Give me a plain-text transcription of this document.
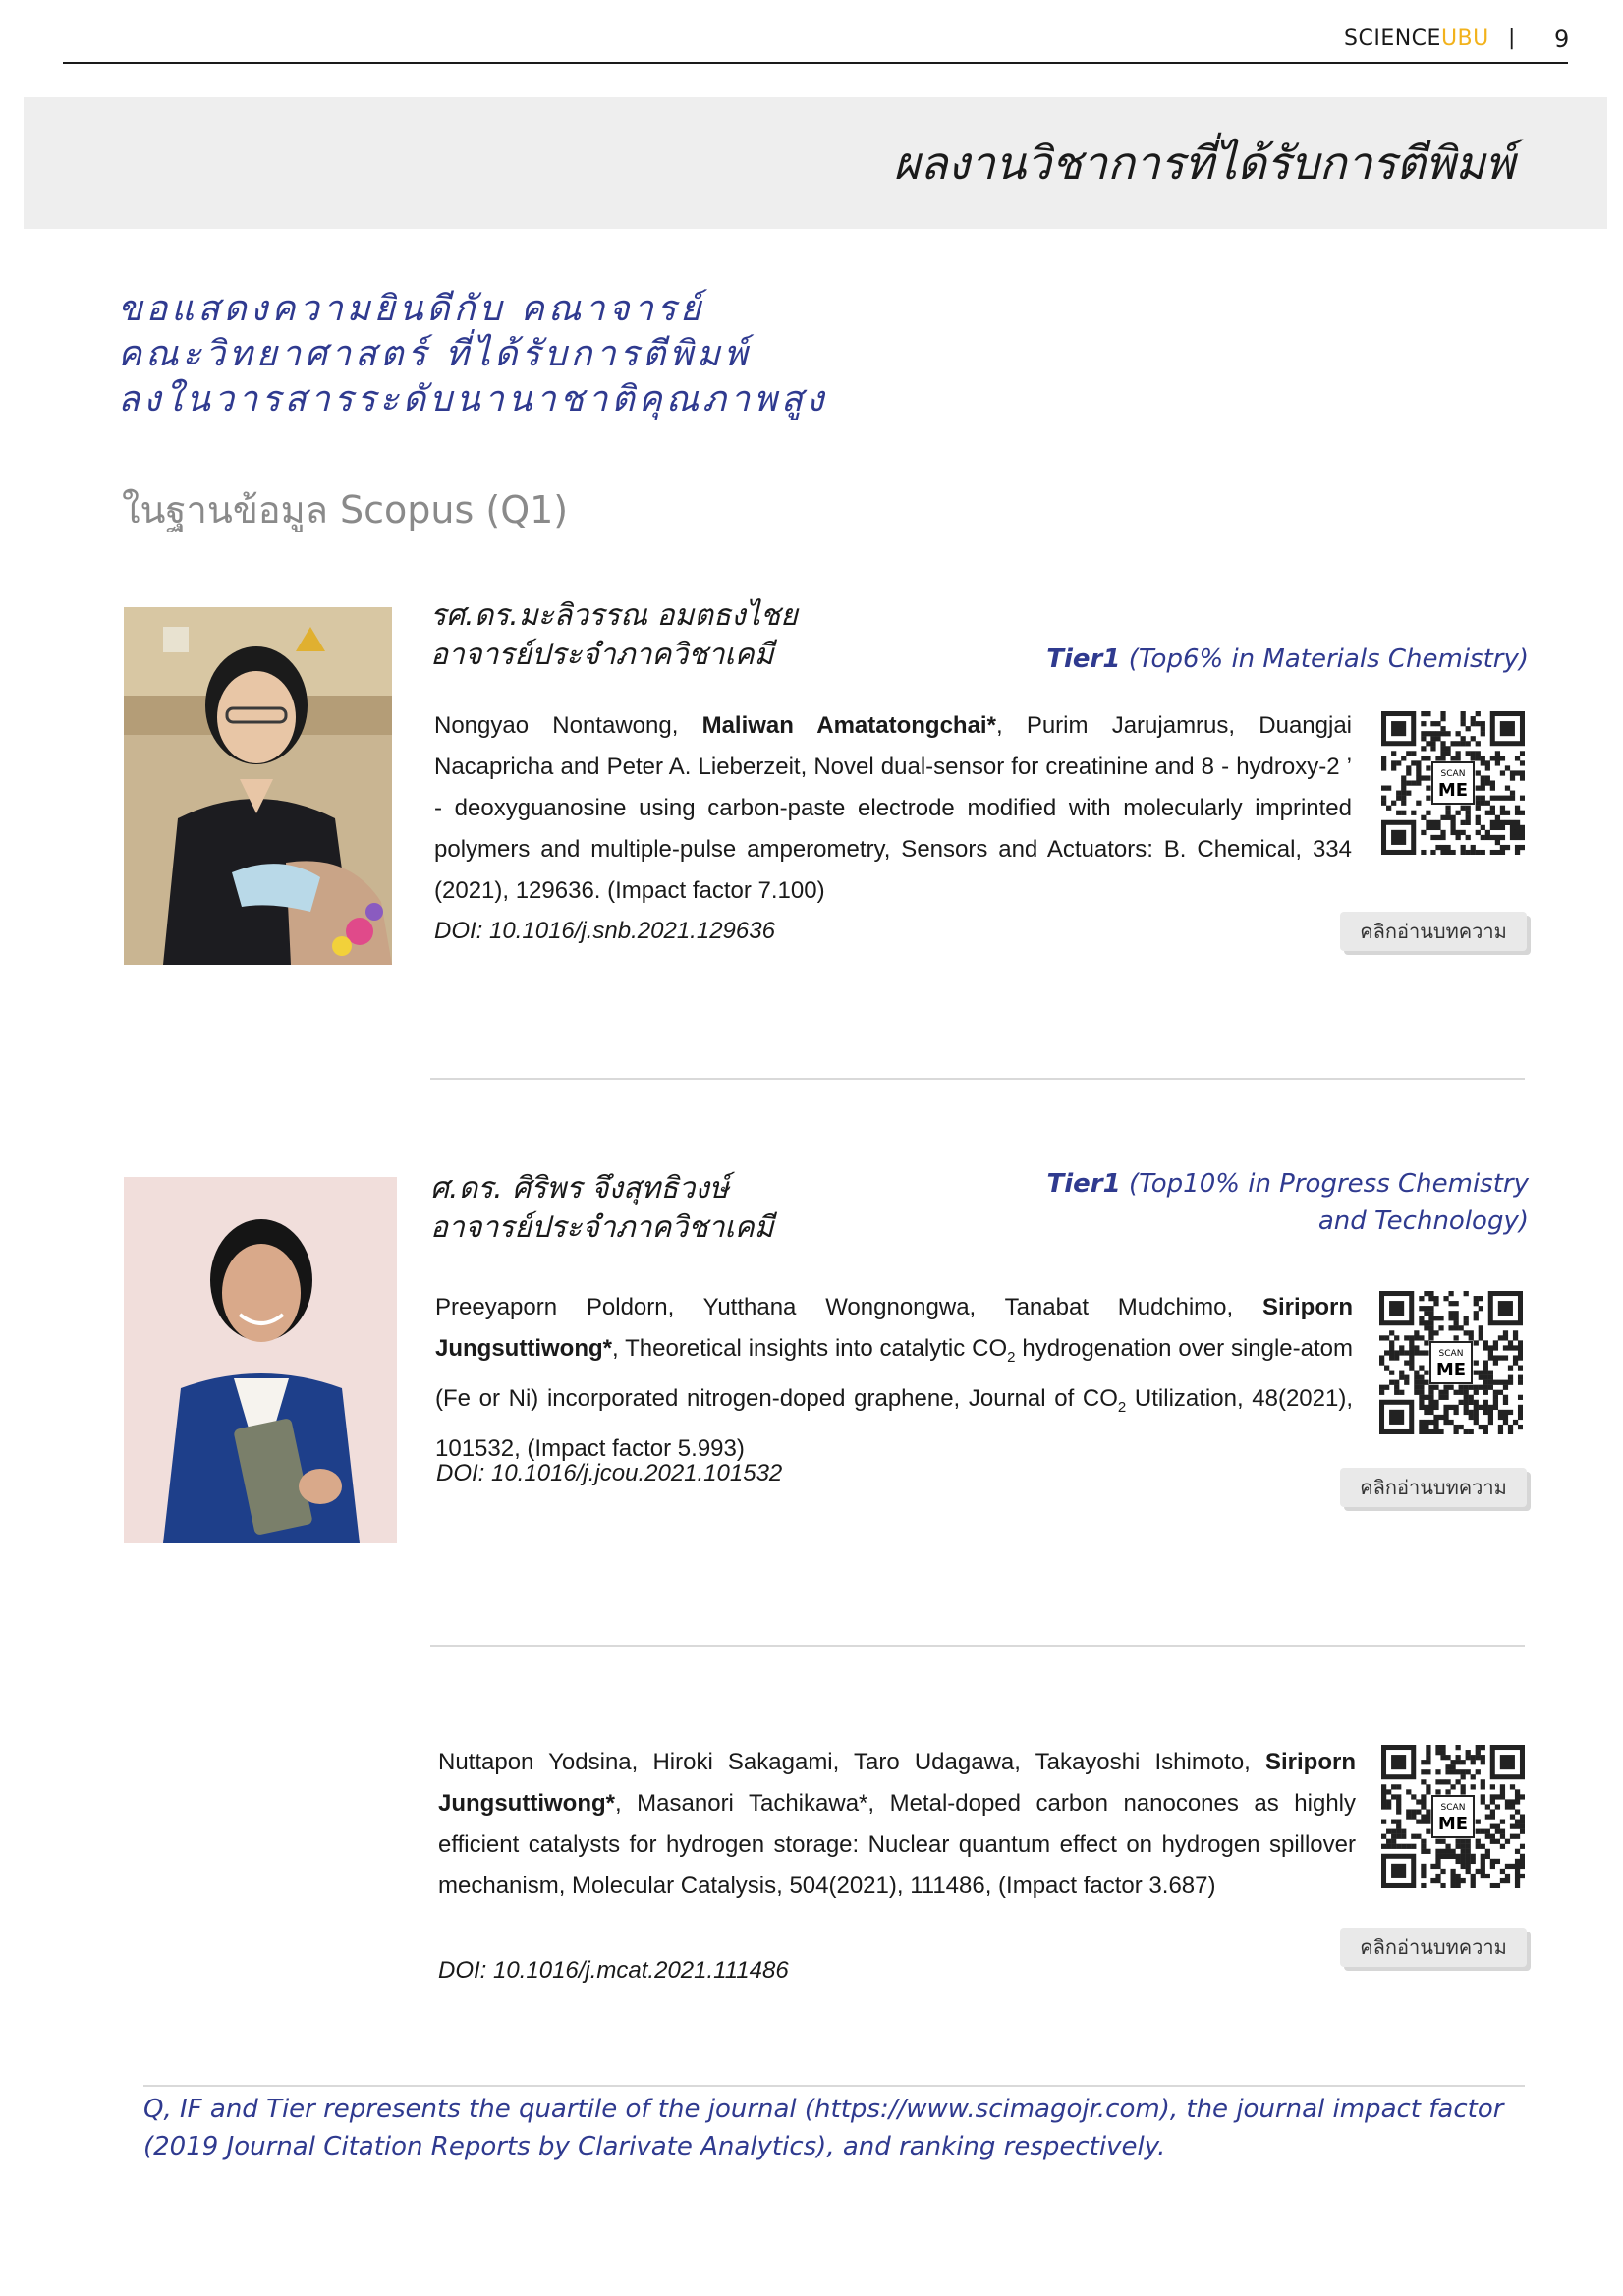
SCIENCEUBU | 9
ผลงานวิชาการที่ได้รับการตีพิมพ์
ขอแสดงความยินดีกับ คณาจารย์
คณะวิทยาศาสตร์ ที่ได้รับการตีพิมพ์
ลงในวารสารระดับนานาชาติคุณภาพสูง
ในฐานข้อมูล Scopus (Q1)
รศ.ดร.มะลิวรรณ อมตธงไชย
อาจารย์ประจำภาควิชาเคมี	Tier1 (Top6% in Materials Chemistry)
Nongyao Nontawong, Maliwan Amatatongchai*, Purim Jarujamrus, Duangjai Nacapricha and Peter A. Lieberzeit, Novel dual-sensor for creatinine and 8 - hydroxy-2 ’ - deoxyguanosine using carbon-paste electrode modified with molecularly imprinted polymers and multiple-pulse amperometry, Sensors and Actuators: B. Chemical, 334 (2021), 129636. (Impact factor 7.100)
DOI: 10.1016/j.snb.2021.129636
SCAN
ME
คลิกอ่านบทความ
ศ.ดร. ศิริพร จึงสุทธิวงษ์
อาจารย์ประจำภาควิชาเคมี
Tier1 (Top10% in Progress Chemistry
and Technology)
Preeyaporn Poldorn, Yutthana Wongnongwa, Tanabat Mudchimo, Siriporn Jungsuttiwong*, Theoretical insights into catalytic $CO_2$ hydrogenation over single-atom (Fe or Ni) incorporated nitrogen-doped graphene, Journal of $CO_2$ Utilization, 48(2021), 101532, (Impact factor 5.993)
DOI: 10.1016/j.jcou.2021.101532
SCAN
ME
คลิกอ่านบทความ
Nuttapon Yodsina, Hiroki Sakagami, Taro Udagawa, Takayoshi Ishimoto, Siriporn Jungsuttiwong*, Masanori Tachikawa*, Metal-doped carbon nanocones as highly efficient catalysts for hydrogen storage: Nuclear quantum effect on hydrogen spillover mechanism, Molecular Catalysis, 504(2021), 111486, (Impact factor 3.687)
DOI: 10.1016/j.mcat.2021.111486
SCAN
ME
คลิกอ่านบทความ
Q, IF and Tier represents the quartile of the journal (https://www.scimagojr.com), the journal impact factor (2019 Journal Citation Reports by Clarivate Analytics), and ranking respectively.
